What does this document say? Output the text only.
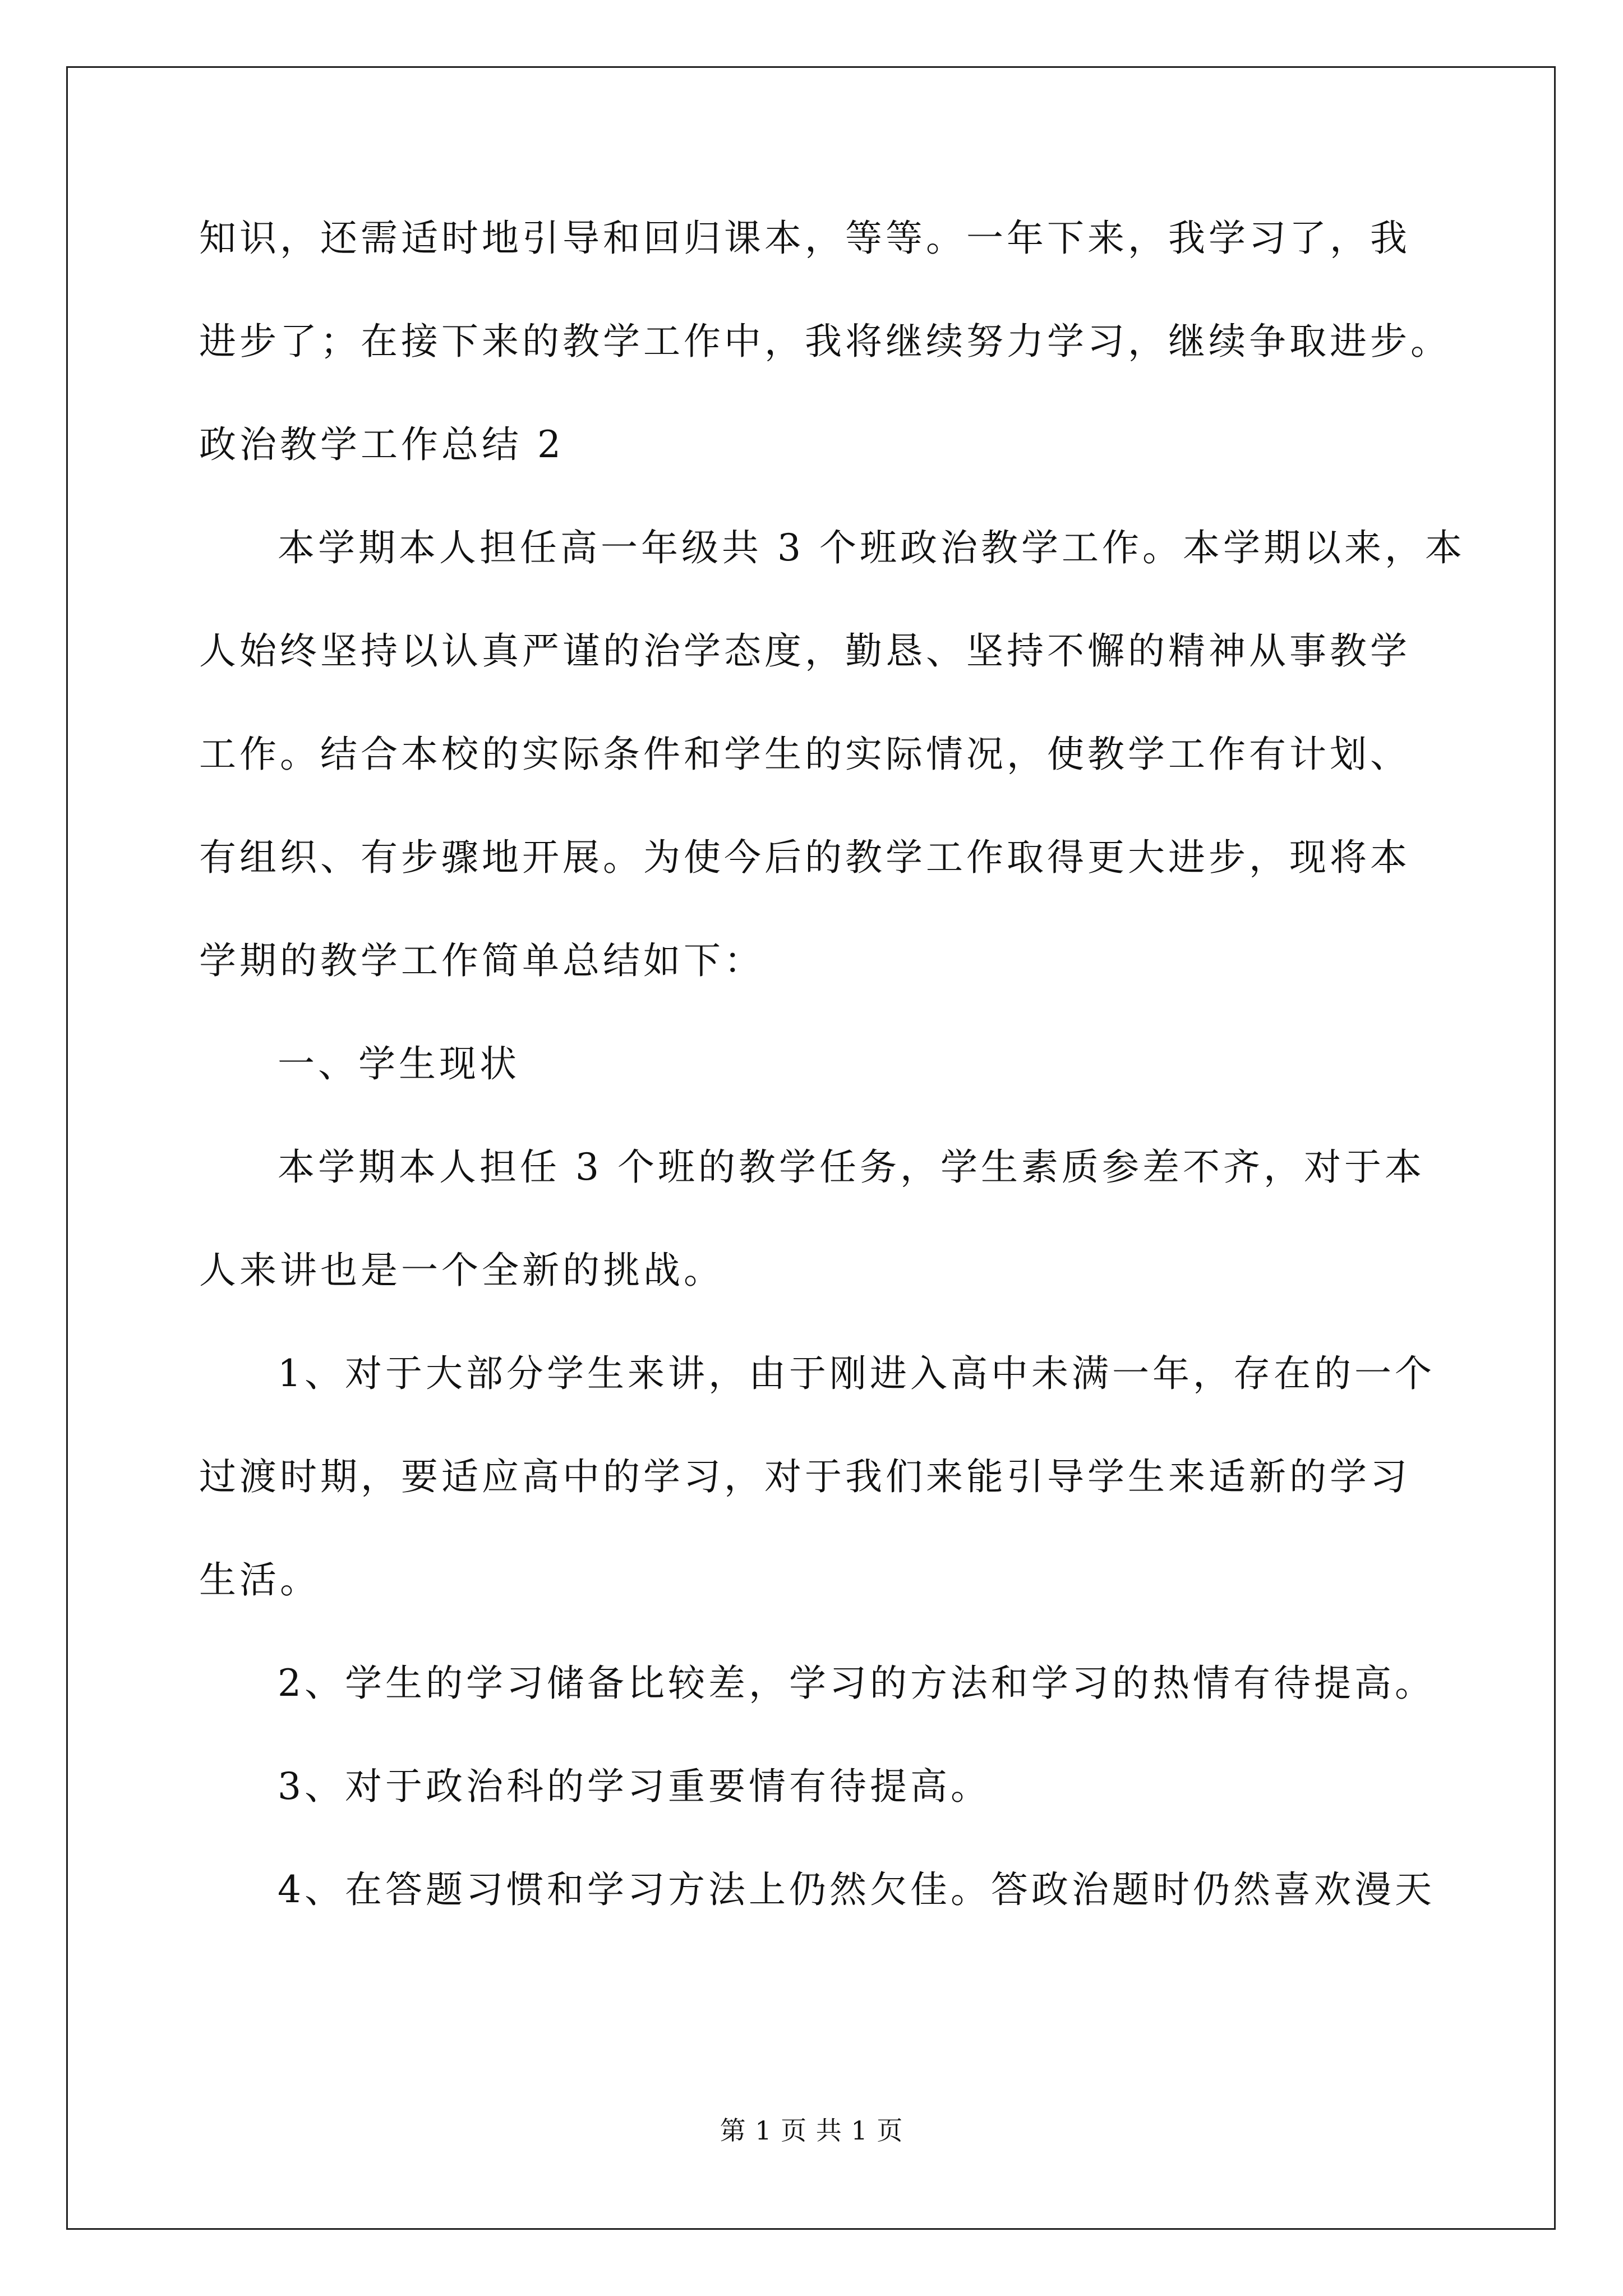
知识，还需适时地引导和回归课本，等等。一年下来，我学习了，我
进步了；在接下来的教学工作中，我将继续努力学习，继续争取进步。
政治教学工作总结 2
本学期本人担任高一年级共 3 个班政治教学工作。本学期以来，本
人始终坚持以认真严谨的治学态度，勤恳、坚持不懈的精神从事教学
工作。结合本校的实际条件和学生的实际情况，使教学工作有计划、
有组织、有步骤地开展。为使今后的教学工作取得更大进步，现将本
学期的教学工作简单总结如下：
一、学生现状
本学期本人担任 3 个班的教学任务，学生素质参差不齐，对于本
人来讲也是一个全新的挑战。
1、对于大部分学生来讲，由于刚进入高中未满一年，存在的一个
过渡时期，要适应高中的学习，对于我们来能引导学生来适新的学习
生活。
2、学生的学习储备比较差，学习的方法和学习的热情有待提高。
3、对于政治科的学习重要情有待提高。
4、在答题习惯和学习方法上仍然欠佳。答政治题时仍然喜欢漫天
第 1 页 共 1 页
